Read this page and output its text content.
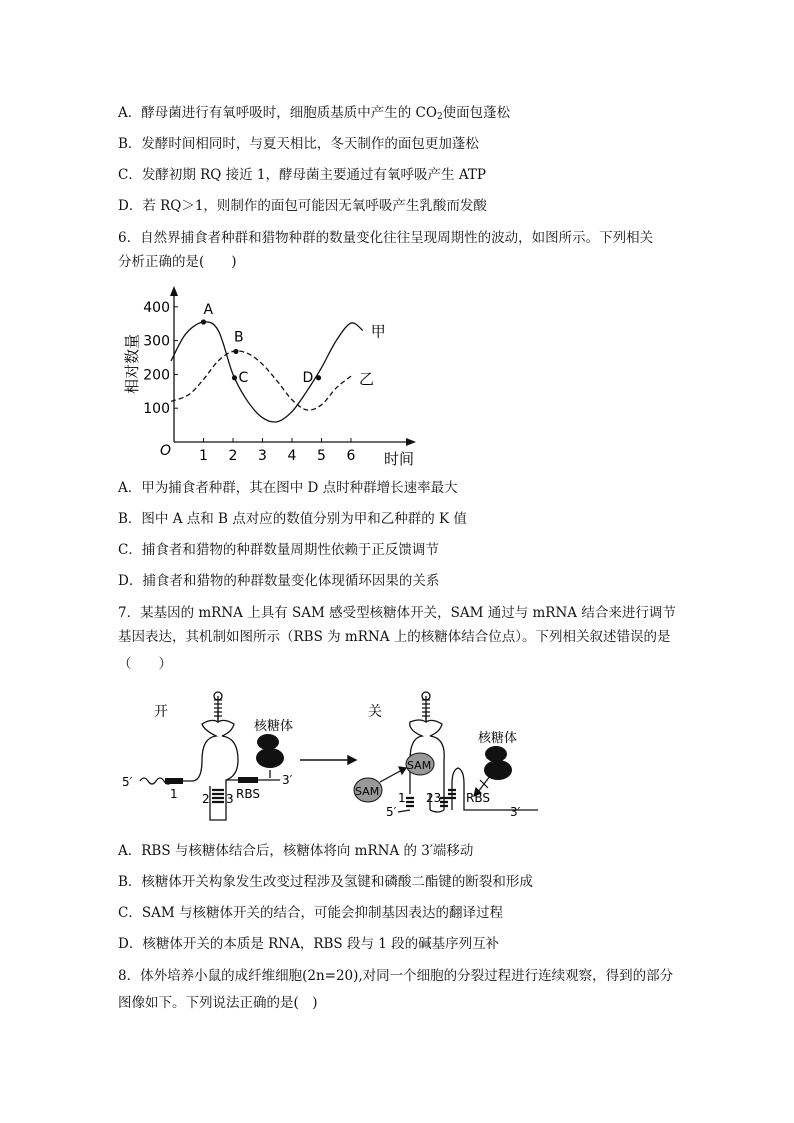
A．酵母菌进行有氧呼吸时，细胞质基质中产生的 $CO_2$使面包蓬松
B．发酵时间相同时，与夏天相比，冬天制作的面包更加蓬松
C．发酵初期 RQ 接近 1，酵母菌主要通过有氧呼吸产生 ATP
D．若 RQ＞1，则制作的面包可能因无氧呼吸产生乳酸而发酸
6．自然界捕食者种群和猎物种群的数量变化往往呈现周期性的波动，如图所示。下列相关
分析正确的是(　　)
相对数量
O
100
200
300
400
1 2 3 4 5 6 时间
甲
乙
A
B
C	D
A．甲为捕食者种群，其在图中 D 点时种群增长速率最大
B．图中 A 点和 B 点对应的数值分别为甲和乙种群的 K 值
C．捕食者和猎物的种群数量周期性依赖于正反馈调节
D．捕食者和猎物的种群数量变化体现循环因果的关系
7．某基因的 mRNA 上具有 SAM 感受型核糖体开关，SAM 通过与 mRNA 结合来进行调节
基因表达，其机制如图所示（RBS 为 mRNA 上的核糖体结合位点）。下列相关叙述错误的是
（　　）
开
核糖体
5′	3′
1 2 3 RBS
关
SAM
SAM
核糖体
5′	3′
1 23 RBS
A．RBS 与核糖体结合后，核糖体将向 mRNA 的 3′端移动
B．核糖体开关构象发生改变过程涉及氢键和磷酸二酯键的断裂和形成
C．SAM 与核糖体开关的结合，可能会抑制基因表达的翻译过程
D．核糖体开关的本质是 RNA，RBS 段与 1 段的碱基序列互补
8．体外培养小鼠的成纤维细胞(2n=20),对同一个细胞的分裂过程进行连续观察，得到的部分
图像如下。下列说法正确的是(　)
